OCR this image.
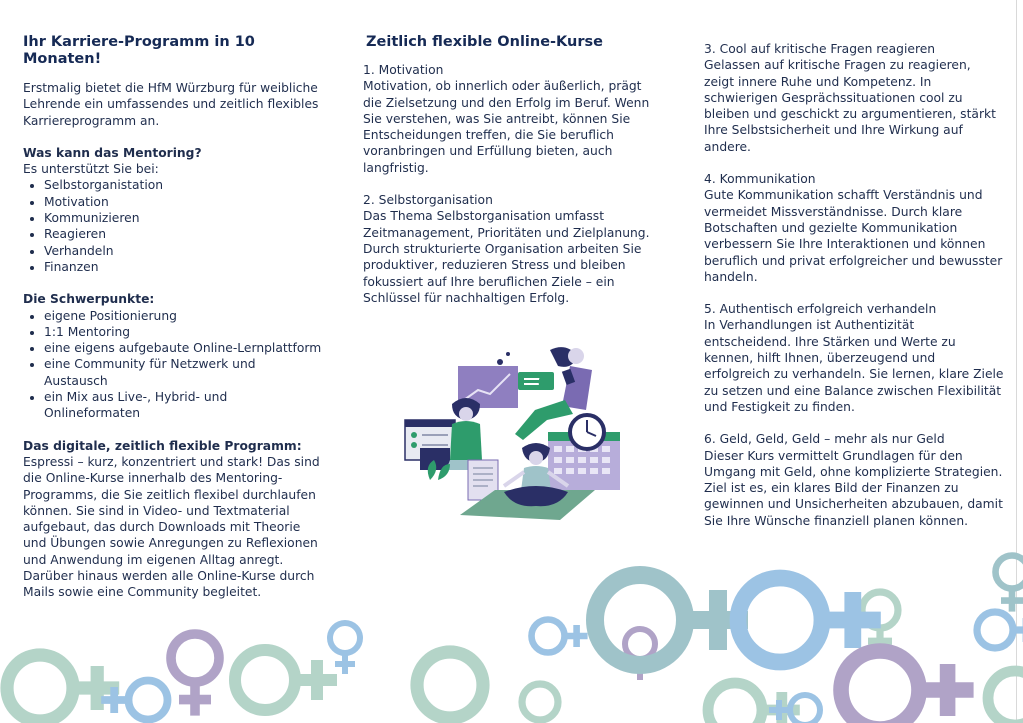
Ihr Karriere-Programm in 10 Monaten!

Erstmalig bietet die HfM Würzburg für weibliche Lehrende ein umfassendes und zeitlich flexibles Karriereprogramm an.

Was kann das Mentoring?

Es unterstützt Sie bei:

• Selbstorganistation
• Motivation
• Kommunizieren
• Reagieren
• Verhandeln
• Finanzen

Die Schwerpunkte:

• eigene Positionierung
• 1:1 Mentoring
• eine eigens aufgebaute Online-Lernplattform
• eine Community für Netzwerk und Austausch
• ein Mix aus Live-, Hybrid- und Onlineformaten

Das digitale, zeitlich flexible Programm:

Espressi – kurz, konzentriert und stark! Das sind die Online-Kurse innerhalb des Mentoring-Programms, die Sie zeitlich flexibel durchlaufen können. Sie sind in Video- und Textmaterial aufgebaut, das durch Downloads mit Theorie und Übungen sowie Anregungen zu Reflexionen und Anwendung im eigenen Alltag anregt. Darüber hinaus werden alle Online-Kurse durch Mails sowie eine Community begleitet.

Zeitlich flexible Online-Kurse

1. Motivation

Motivation, ob innerlich oder äußerlich, prägt die Zielsetzung und den Erfolg im Beruf. Wenn Sie verstehen, was Sie antreibt, können Sie Entscheidungen treffen, die Sie beruflich voranbringen und Erfüllung bieten, auch langfristig.

2. Selbstorganisation

Das Thema Selbstorganisation umfasst Zeitmanagement, Prioritäten und Zielplanung. Durch strukturierte Organisation arbeiten Sie produktiver, reduzieren Stress und bleiben fokussiert auf Ihre beruflichen Ziele – ein Schlüssel für nachhaltigen Erfolg.

3. Cool auf kritische Fragen reagieren

Gelassen auf kritische Fragen zu reagieren, zeigt innere Ruhe und Kompetenz. In schwierigen Gesprächssituationen cool zu bleiben und geschickt zu argumentieren, stärkt Ihre Selbstsicherheit und Ihre Wirkung auf andere.

4. Kommunikation

Gute Kommunikation schafft Verständnis und vermeidet Missverständnisse. Durch klare Botschaften und gezielte Kommunikation verbessern Sie Ihre Interaktionen und können beruflich und privat erfolgreicher und bewusster handeln.

5. Authentisch erfolgreich verhandeln

In Verhandlungen ist Authentizität entscheidend. Ihre Stärken und Werte zu kennen, hilft Ihnen, überzeugend und erfolgreich zu verhandeln. Sie lernen, klare Ziele zu setzen und eine Balance zwischen Flexibilität und Festigkeit zu finden.

6. Geld, Geld, Geld – mehr als nur Geld

Dieser Kurs vermittelt Grundlagen für den Umgang mit Geld, ohne komplizierte Strategien. Ziel ist es, ein klares Bild der Finanzen zu gewinnen und Unsicherheiten abzubauen, damit Sie Ihre Wünsche finanziell planen können.
